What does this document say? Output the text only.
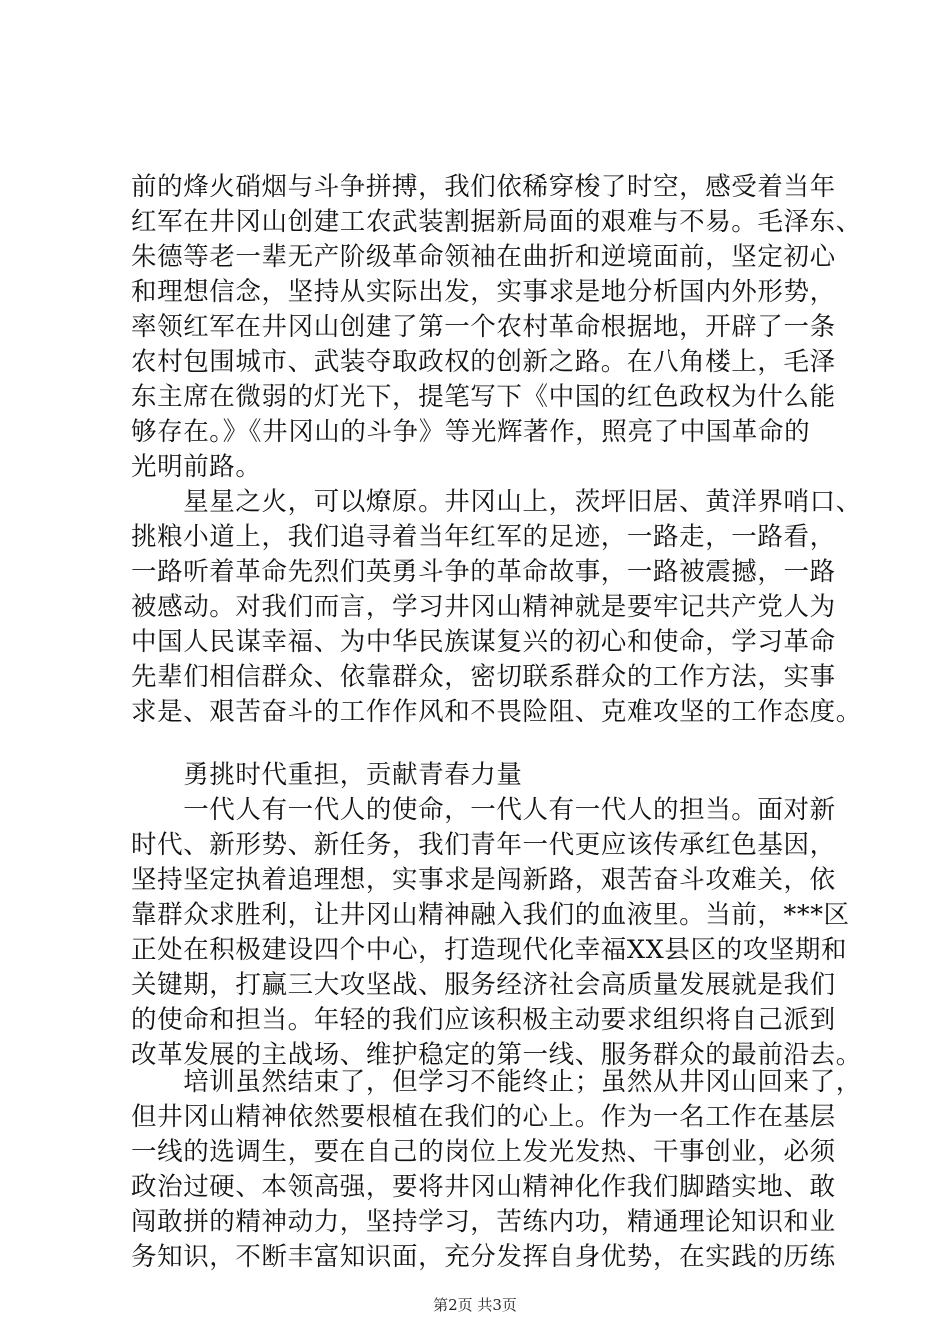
前的烽火硝烟与斗争拼搏，我们依稀穿梭了时空，感受着当年
红军在井冈山创建工农武装割据新局面的艰难与不易。毛泽东、
朱德等老一辈无产阶级革命领袖在曲折和逆境面前，坚定初心
和理想信念，坚持从实际出发，实事求是地分析国内外形势，
率领红军在井冈山创建了第一个农村革命根据地，开辟了一条
农村包围城市、武装夺取政权的创新之路。在八角楼上，毛泽
东主席在微弱的灯光下，提笔写下《中国的红色政权为什么能
够存在。》《井冈山的斗争》等光辉著作，照亮了中国革命的
光明前路。
　　星星之火，可以燎原。井冈山上，茨坪旧居、黄洋界哨口、
挑粮小道上，我们追寻着当年红军的足迹，一路走，一路看，
一路听着革命先烈们英勇斗争的革命故事，一路被震撼，一路
被感动。对我们而言，学习井冈山精神就是要牢记共产党人为
中国人民谋幸福、为中华民族谋复兴的初心和使命，学习革命
先辈们相信群众、依靠群众，密切联系群众的工作方法，实事
求是、艰苦奋斗的工作作风和不畏险阻、克难攻坚的工作态度。
　　勇挑时代重担，贡献青春力量
　　一代人有一代人的使命，一代人有一代人的担当。面对新
时代、新形势、新任务，我们青年一代更应该传承红色基因，
坚持坚定执着追理想，实事求是闯新路，艰苦奋斗攻难关，依
靠群众求胜利，让井冈山精神融入我们的血液里。当前，***区
正处在积极建设四个中心，打造现代化幸福XX县区的攻坚期和
关键期，打赢三大攻坚战、服务经济社会高质量发展就是我们
的使命和担当。年轻的我们应该积极主动要求组织将自己派到
改革发展的主战场、维护稳定的第一线、服务群众的最前沿去。
　　培训虽然结束了，但学习不能终止；虽然从井冈山回来了，
但井冈山精神依然要根植在我们的心上。作为一名工作在基层
一线的选调生，要在自己的岗位上发光发热、干事创业，必须
政治过硬、本领高强，要将井冈山精神化作我们脚踏实地、敢
闯敢拼的精神动力，坚持学习，苦练内功，精通理论知识和业
第2页 共3页
务知识，不断丰富知识面，充分发挥自身优势，在实践的历练
